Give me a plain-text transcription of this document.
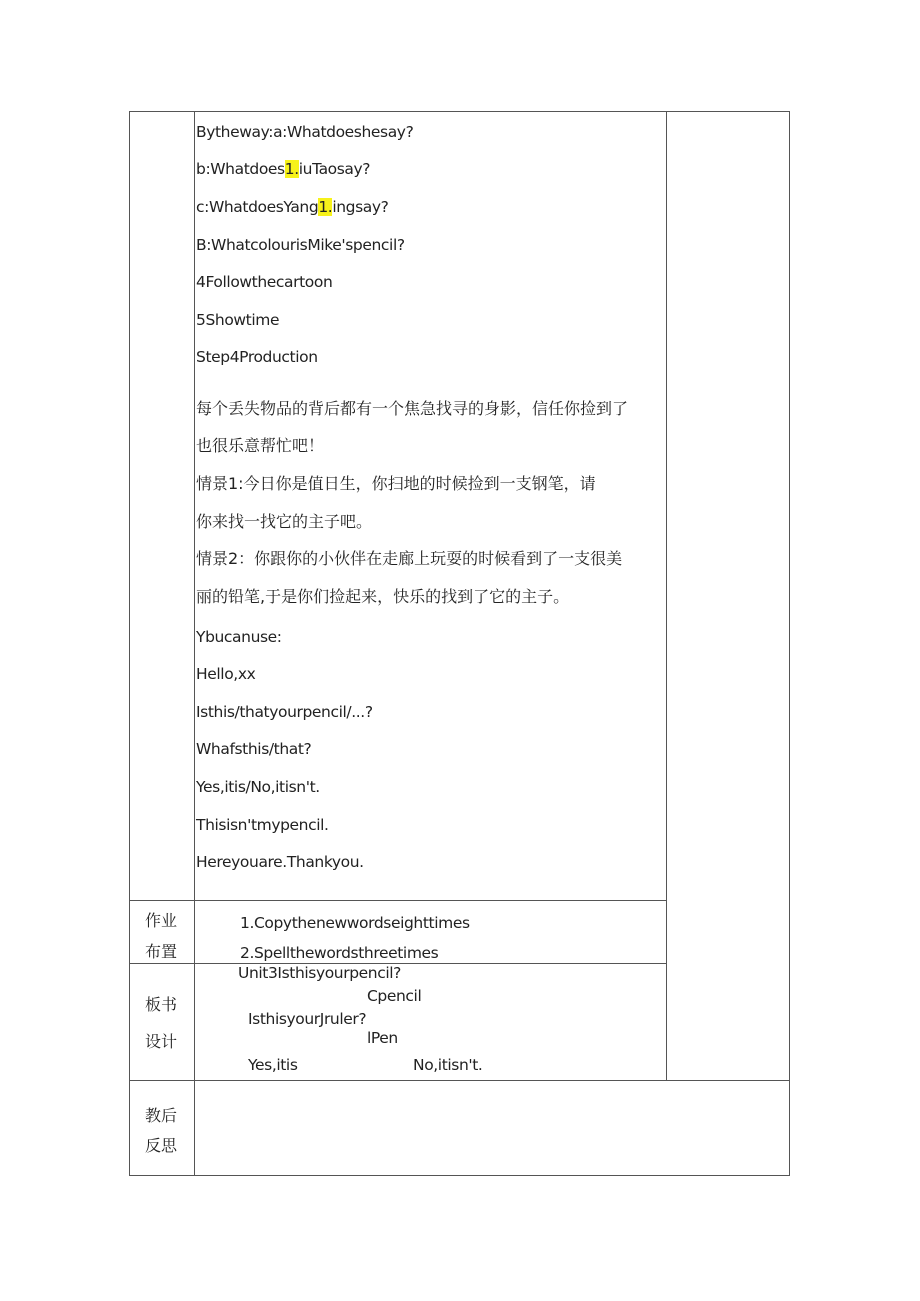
Bytheway:a:Whatdoeshesay?
b:Whatdoes1.iuTaosay?
c:WhatdoesYang1.ingsay?
B:WhatcolourisMike'spencil?
4Followthecartoon
5Showtime
Step4Production
每个丢失物品的背后都有一个焦急找寻的身影，信任你捡到了
也很乐意帮忙吧！
情景1:今日你是值日生，你扫地的时候捡到一支钢笔，请
你来找一找它的主子吧。
情景2：你跟你的小伙伴在走廊上玩耍的时候看到了一支很美
丽的铅笔,于是你们捡起来，快乐的找到了它的主子。
Ybucanuse:
Hello,xx
Isthis/thatyourpencil/...?
Whafsthis/that?
Yes,itis∕No,itisn't.
Thisisn'tmypencil.
Hereyouare.Thankyou.
作业
布置
1.Copythenewwordseighttimes
2.Spellthewordsthreetimes
板书
设计
Unit3Isthisyourpencil?
Cpencil
IsthisyourJruler?
lPen
Yes,itis	No,itisn't.
教后
反思
